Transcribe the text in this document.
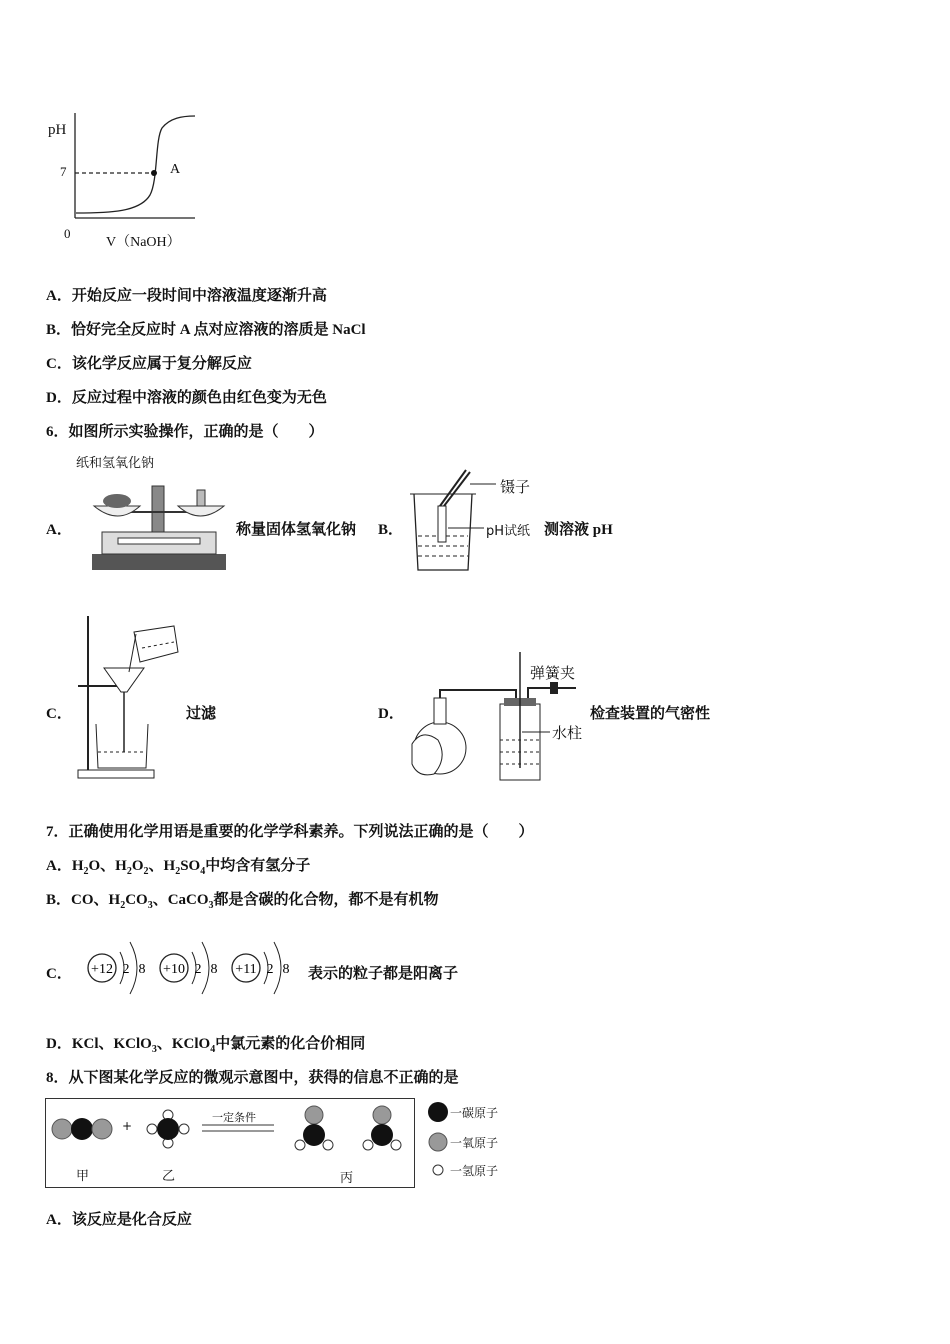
pH
7
0
V（NaOH）
A
A．开始反应一段时间中溶液温度逐渐升高
B．恰好完全反应时 A 点对应溶液的溶质是 NaCl
C．该化学反应属于复分解反应
D．反应过程中溶液的颜色由红色变为无色
6．如图所示实验操作，正确的是（　　）
A．
纸和氢氧化钠
称量固体氢氧化钠 B．
镊子
pH试纸 测溶液 pH
C．	过滤	D．
弹簧夹
水柱
检查装置的气密性
7．正确使用化学用语是重要的化学学科素养。下列说法正确的是（　　）
A．$H_2O$、$H_2O_2$、$H_2SO_4$中均含有氢分子
B．CO、$H_2CO_3$、CaCO$_3$都是含碳的化合物，都不是有机物
C． +12 2 8 +10 2 8 +11 2 8 表示的粒子都是阳离子
D．KCl、KClO$_3$、KClO$_4$中氯元素的化合价相同
8．从下图某化学反应的微观示意图中，获得的信息不正确的是
+
一定条件
甲	乙	丙
一碳原子
一氧原子
一氢原子
A．该反应是化合反应
